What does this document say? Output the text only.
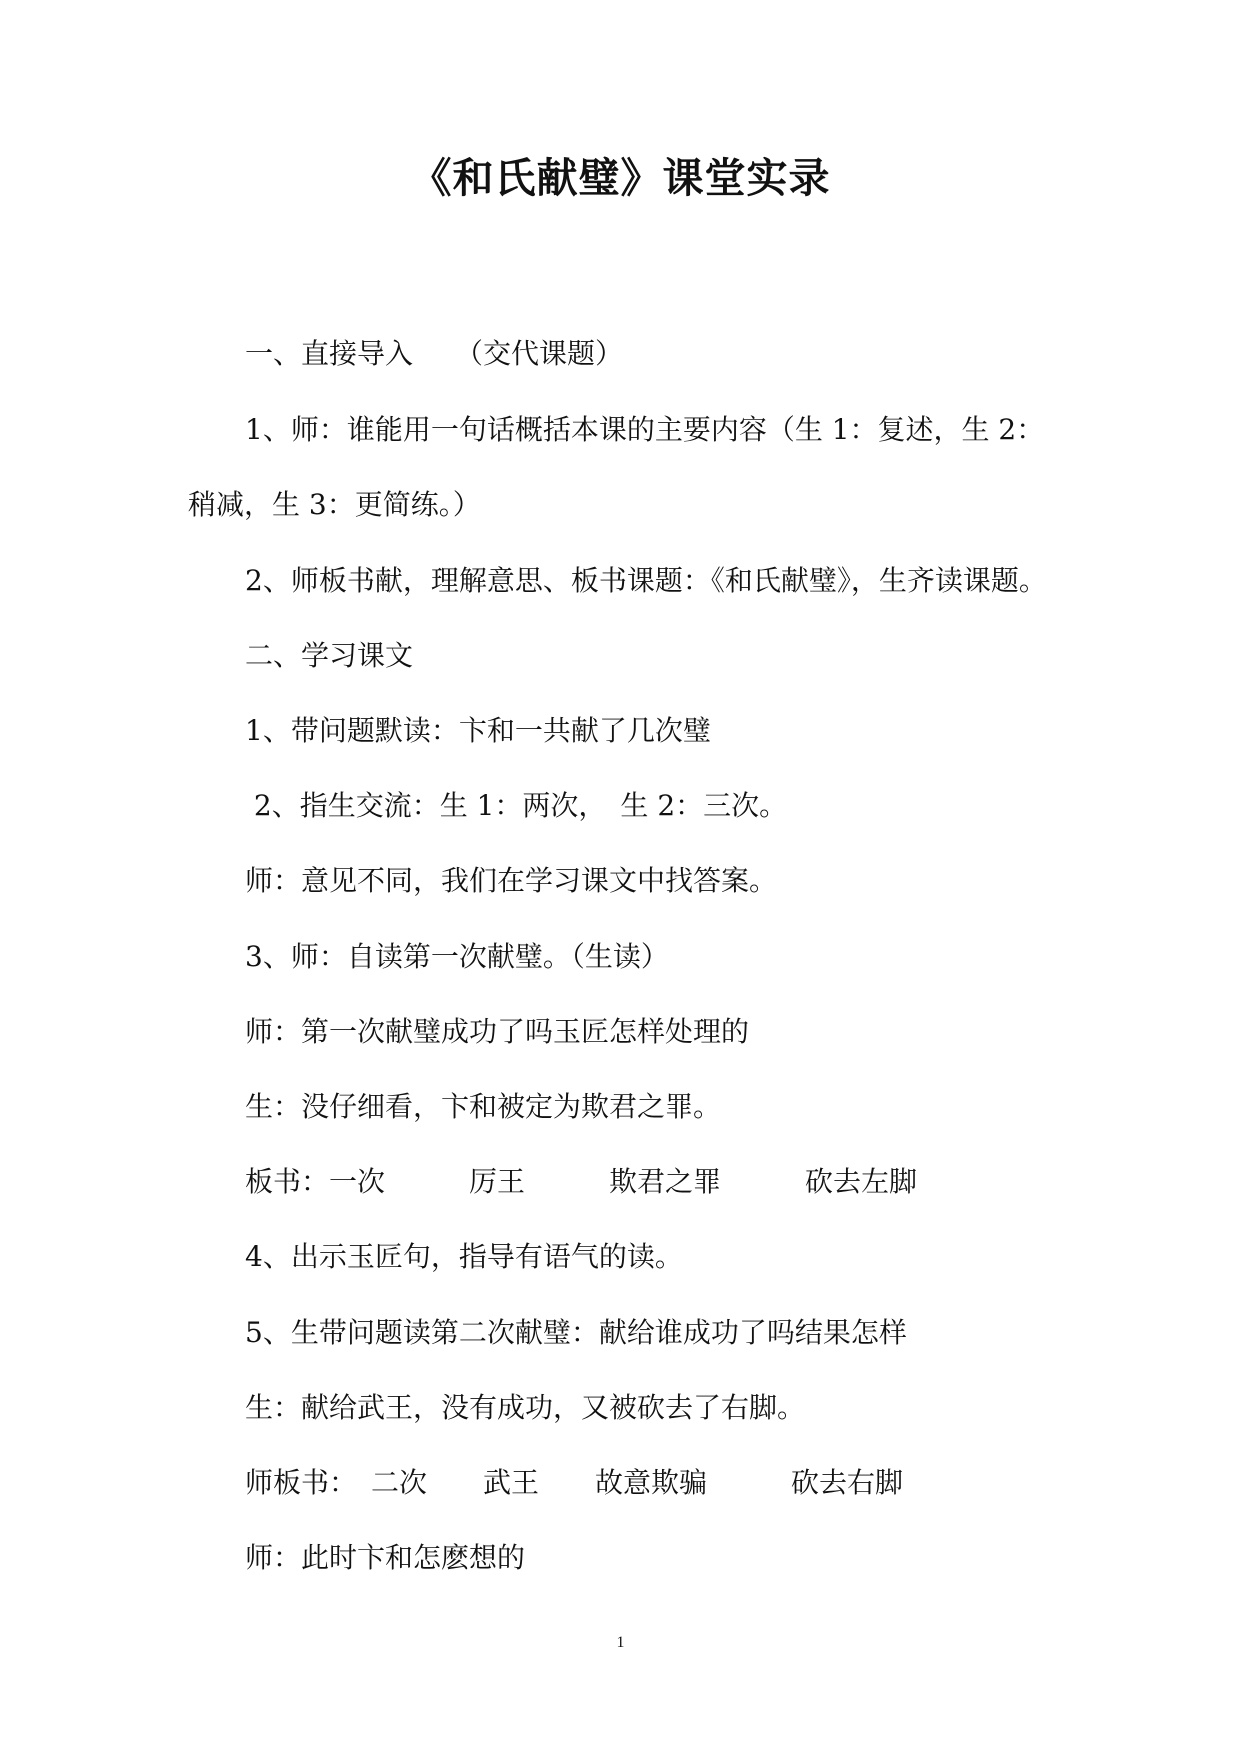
《和氏献璧》课堂实录
一、直接导入　　（交代课题）
1、师：谁能用一句话概括本课的主要内容（生 1：复述，生 2：
稍减，生 3：更简练。）
2、师板书献，理解意思、板书课题：《和氏献璧》，生齐读课题。
二、学习课文
1、带问题默读：卞和一共献了几次璧
2、指生交流：生 1：两次，　生 2：三次。
师：意见不同，我们在学习课文中找答案。
3、师：自读第一次献璧。（生读）
师：第一次献璧成功了吗玉匠怎样处理的
生：没仔细看，卞和被定为欺君之罪。
板书：一次　　　厉王　　　欺君之罪　　　砍去左脚
4、出示玉匠句，指导有语气的读。
5、生带问题读第二次献璧：献给谁成功了吗结果怎样
生：献给武王，没有成功，又被砍去了右脚。
师板书：　二次　　武王　　故意欺骗　　　砍去右脚
师：此时卞和怎麽想的
1
